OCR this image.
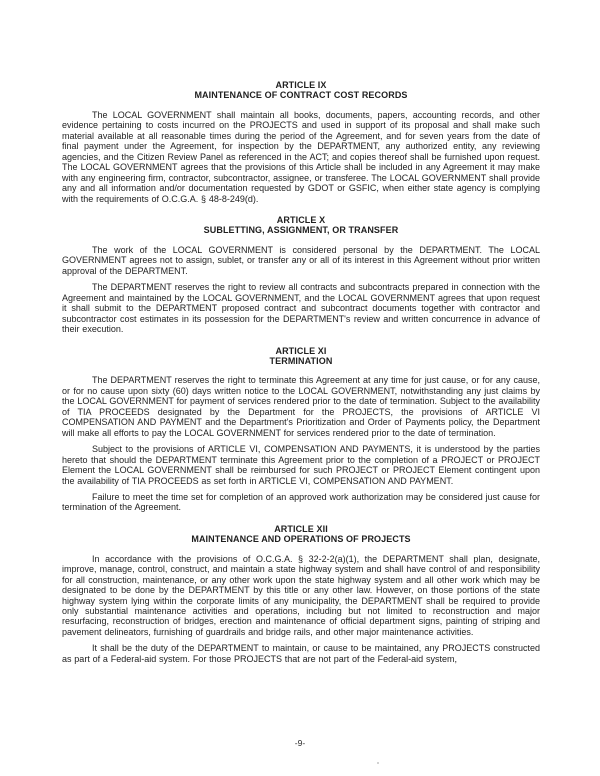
ARTICLE IX
MAINTENANCE OF CONTRACT COST RECORDS

The LOCAL GOVERNMENT shall maintain all books, documents, papers, accounting records, and other evidence pertaining to costs incurred on the PROJECTS and used in support of its proposal and shall make such material available at all reasonable times during the period of the Agreement, and for seven years from the date of final payment under the Agreement, for inspection by the DEPARTMENT, any authorized entity, any reviewing agencies, and the Citizen Review Panel as referenced in the ACT; and copies thereof shall be furnished upon request. The LOCAL GOVERNMENT agrees that the provisions of this Article shall be included in any Agreement it may make with any engineering firm, contractor, subcontractor, assignee, or transferee. The LOCAL GOVERNMENT shall provide any and all information and/or documentation requested by GDOT or GSFIC, when either state agency is complying with the requirements of O.C.G.A. § 48-8-249(d).

ARTICLE X
SUBLETTING, ASSIGNMENT, OR TRANSFER

The work of the LOCAL GOVERNMENT is considered personal by the DEPARTMENT. The LOCAL GOVERNMENT agrees not to assign, sublet, or transfer any or all of its interest in this Agreement without prior written approval of the DEPARTMENT.

The DEPARTMENT reserves the right to review all contracts and subcontracts prepared in connection with the Agreement and maintained by the LOCAL GOVERNMENT, and the LOCAL GOVERNMENT agrees that upon request it shall submit to the DEPARTMENT proposed contract and subcontract documents together with contractor and subcontractor cost estimates in its possession for the DEPARTMENT's review and written concurrence in advance of their execution.

ARTICLE XI
TERMINATION

The DEPARTMENT reserves the right to terminate this Agreement at any time for just cause, or for any cause, or for no cause upon sixty (60) days written notice to the LOCAL GOVERNMENT, notwithstanding any just claims by the LOCAL GOVERNMENT for payment of services rendered prior to the date of termination. Subject to the availability of TIA PROCEEDS designated by the Department for the PROJECTS, the provisions of ARTICLE VI COMPENSATION AND PAYMENT and the Department's Prioritization and Order of Payments policy, the Department will make all efforts to pay the LOCAL GOVERNMENT for services rendered prior to the date of termination.

Subject to the provisions of ARTICLE VI, COMPENSATION AND PAYMENTS, it is understood by the parties hereto that should the DEPARTMENT terminate this Agreement prior to the completion of a PROJECT or PROJECT Element the LOCAL GOVERNMENT shall be reimbursed for such PROJECT or PROJECT Element contingent upon the availability of TIA PROCEEDS as set forth in ARTICLE VI, COMPENSATION AND PAYMENT.

Failure to meet the time set for completion of an approved work authorization may be considered just cause for termination of the Agreement.

ARTICLE XII
MAINTENANCE AND OPERATIONS OF PROJECTS

In accordance with the provisions of O.C.G.A. § 32-2-2(a)(1), the DEPARTMENT shall plan, designate, improve, manage, control, construct, and maintain a state highway system and shall have control of and responsibility for all construction, maintenance, or any other work upon the state highway system and all other work which may be designated to be done by the DEPARTMENT by this title or any other law. However, on those portions of the state highway system lying within the corporate limits of any municipality, the DEPARTMENT shall be required to provide only substantial maintenance activities and operations, including but not limited to reconstruction and major resurfacing, reconstruction of bridges, erection and maintenance of official department signs, painting of striping and pavement delineators, furnishing of guardrails and bridge rails, and other major maintenance activities.

It shall be the duty of the DEPARTMENT to maintain, or cause to be maintained, any PROJECTS constructed as part of a Federal-aid system. For those PROJECTS that are not part of the Federal-aid system,

-9-
